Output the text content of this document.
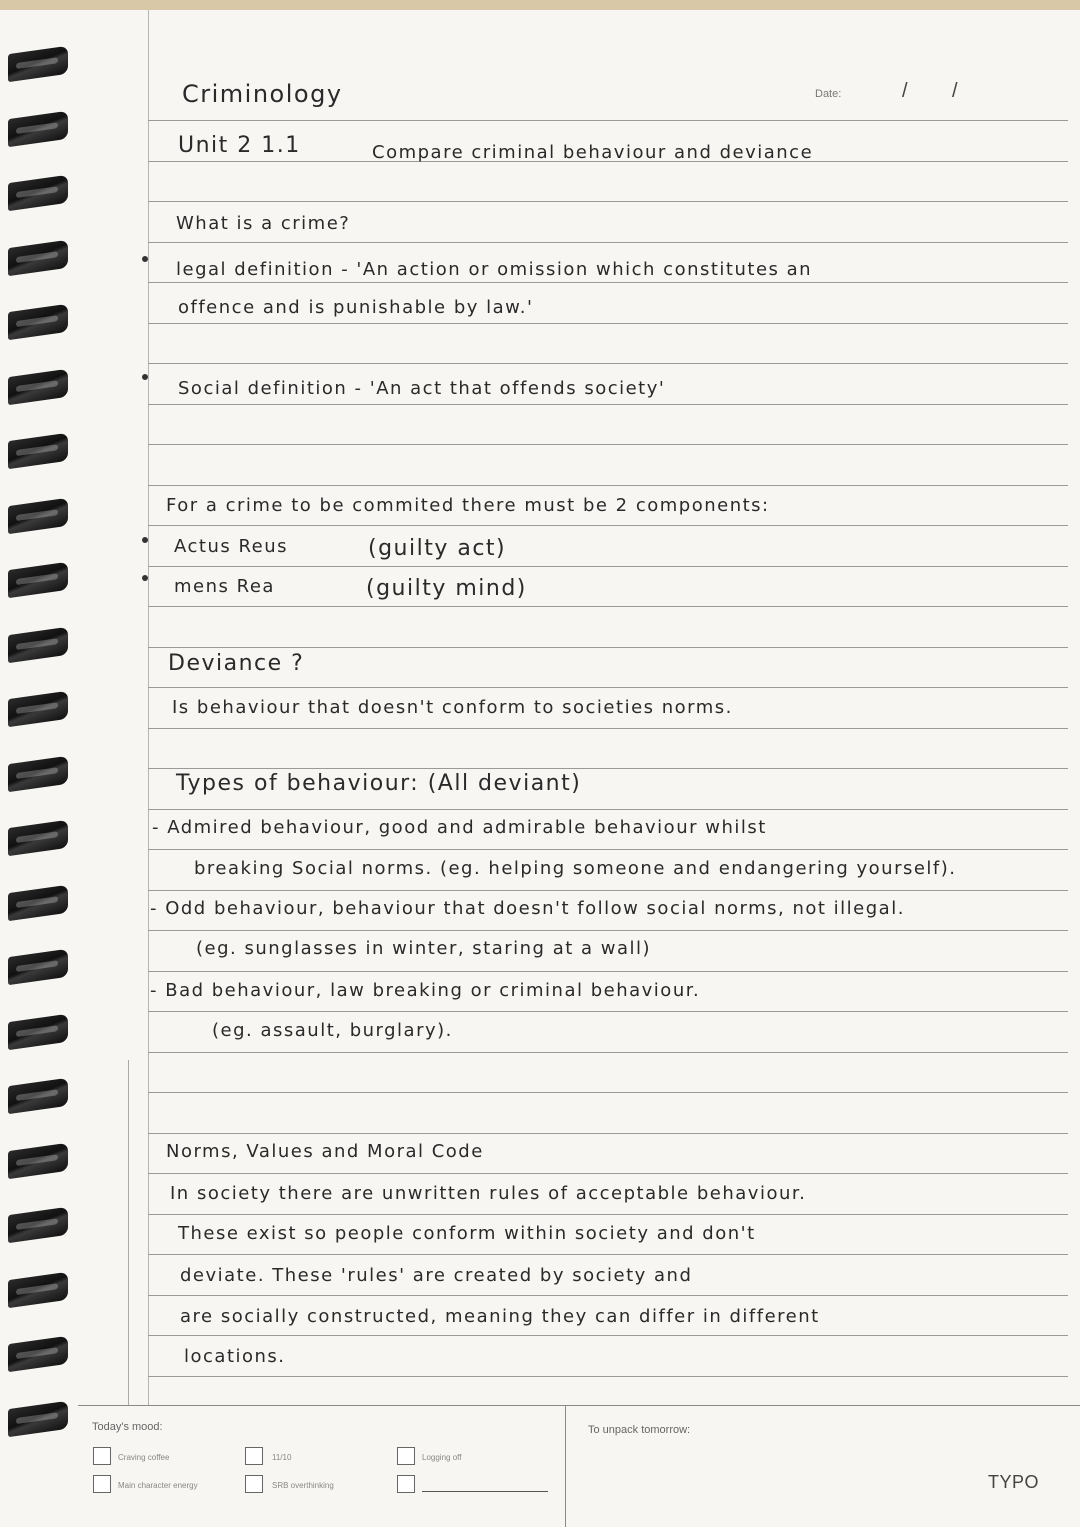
Criminology	Date:	/ /
Unit 2 1.1	Compare criminal behaviour and deviance
What is a crime?
legal definition - 'An action or omission which constitutes an
offence and is punishable by law.'
Social definition - 'An act that offends society'
For a crime to be commited there must be 2 components:
Actus Reus	(guilty act)
mens Rea	(guilty mind)
Deviance ?
Is behaviour that doesn't conform to societies norms.
Types of behaviour: (All deviant)
- Admired behaviour, good and admirable behaviour whilst
breaking Social norms. (eg. helping someone and endangering yourself).
- Odd behaviour, behaviour that doesn't follow social norms, not illegal.
(eg. sunglasses in winter, staring at a wall)
- Bad behaviour, law breaking or criminal behaviour.
(eg. assault, burglary).
Norms, Values and Moral Code
In society there are unwritten rules of acceptable behaviour.
These exist so people conform within society and don't
deviate. These 'rules' are created by society and
are socially constructed, meaning they can differ in different
locations.
Today's mood:	To unpack tomorrow:
Craving coffee	11/10	Logging off
Main character energy	SRB overthinking	TYPO
